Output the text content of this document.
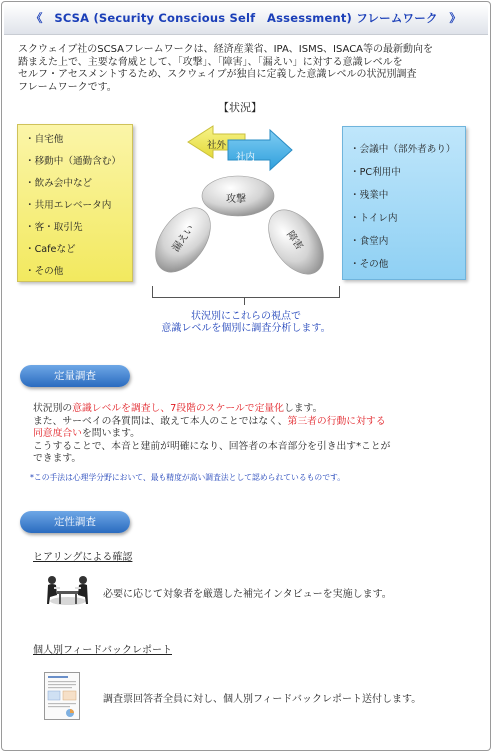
《　SCSA (Security Conscious Self　Assessment) フレームワーク　》
スクウェイブ社のSCSAフレームワークは、経済産業省、IPA、ISMS、ISACA等の最新動向を
踏まえた上で、主要な脅威として、「攻撃」、「障害」、「漏えい」に対する意識レベルを
セルフ・アセスメントするため、スクウェイブが独自に定義した意識レベルの状況別調査
フレームワークです。
【状況】
・自宅他
・移動中（通勤含む）
・飲み会中など
・共用エレベータ内
・客・取引先
・Cafeなど
・その他
・会議中（部外者あり）
・PC利用中
・残業中
・トイレ内
・食堂内
・その他
社外
社内
攻撃
漏えい	障害
状況別にこれらの視点で
意識レベルを個別に調査分析します。
定量調査
状況別の意識レベルを調査し、7段階のスケールで定量化します。
また、サーベイの各質問は、敢えて本人のことではなく、第三者の行動に対する
同意度合いを問います。
こうすることで、本音と建前が明確になり、回答者の本音部分を引き出す*ことが
できます。
*この手法は心理学分野において、最も精度が高い調査法として認められているものです。
定性調査
ヒアリングによる確認
必要に応じて対象者を厳選した補完インタビューを実施します。
個人別フィードバックレポート
調査票回答者全員に対し、個人別フィードバックレポート送付します。
